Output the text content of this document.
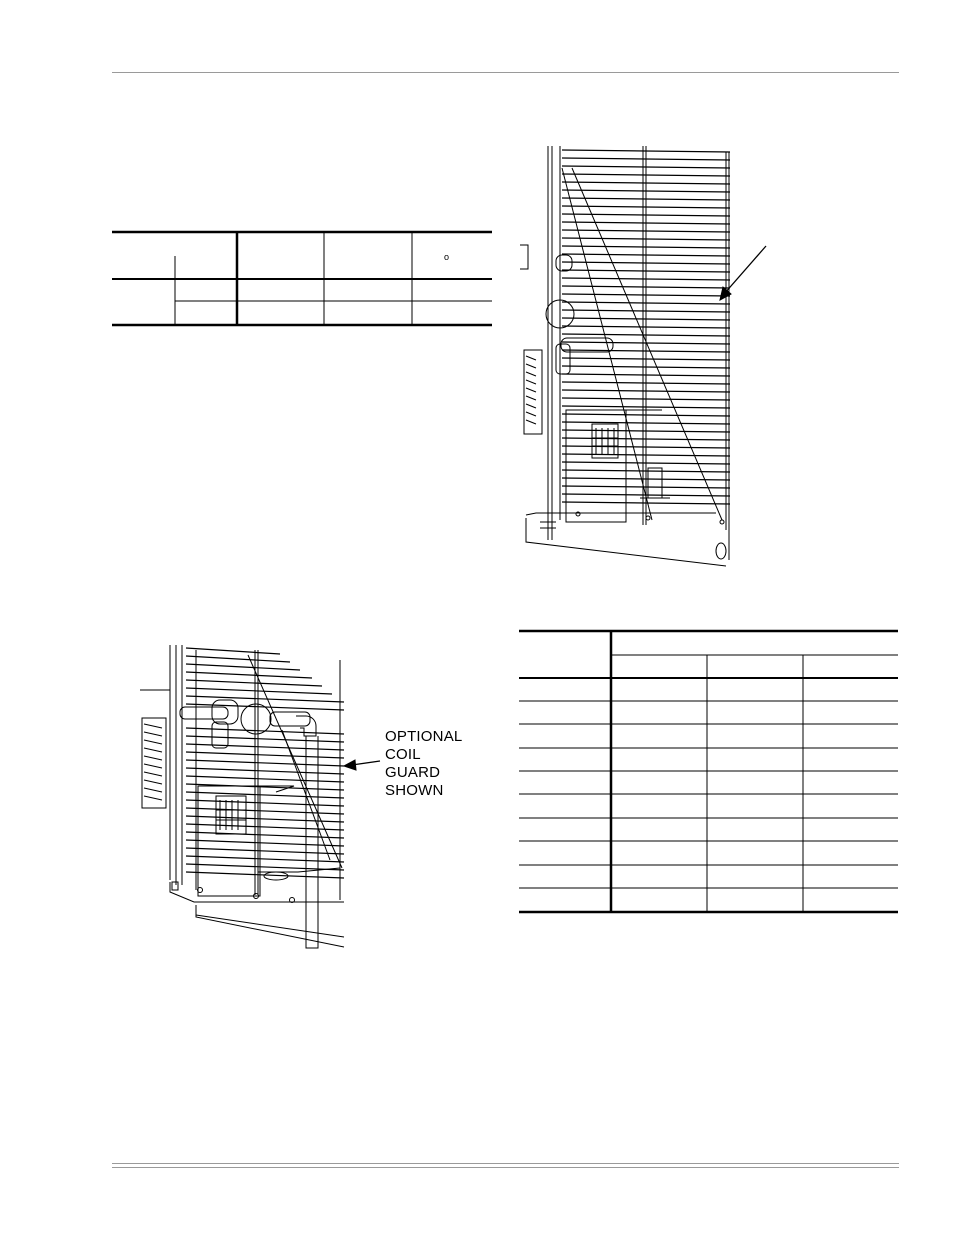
o
OPTIONAL
COIL
GUARD
SHOWN
